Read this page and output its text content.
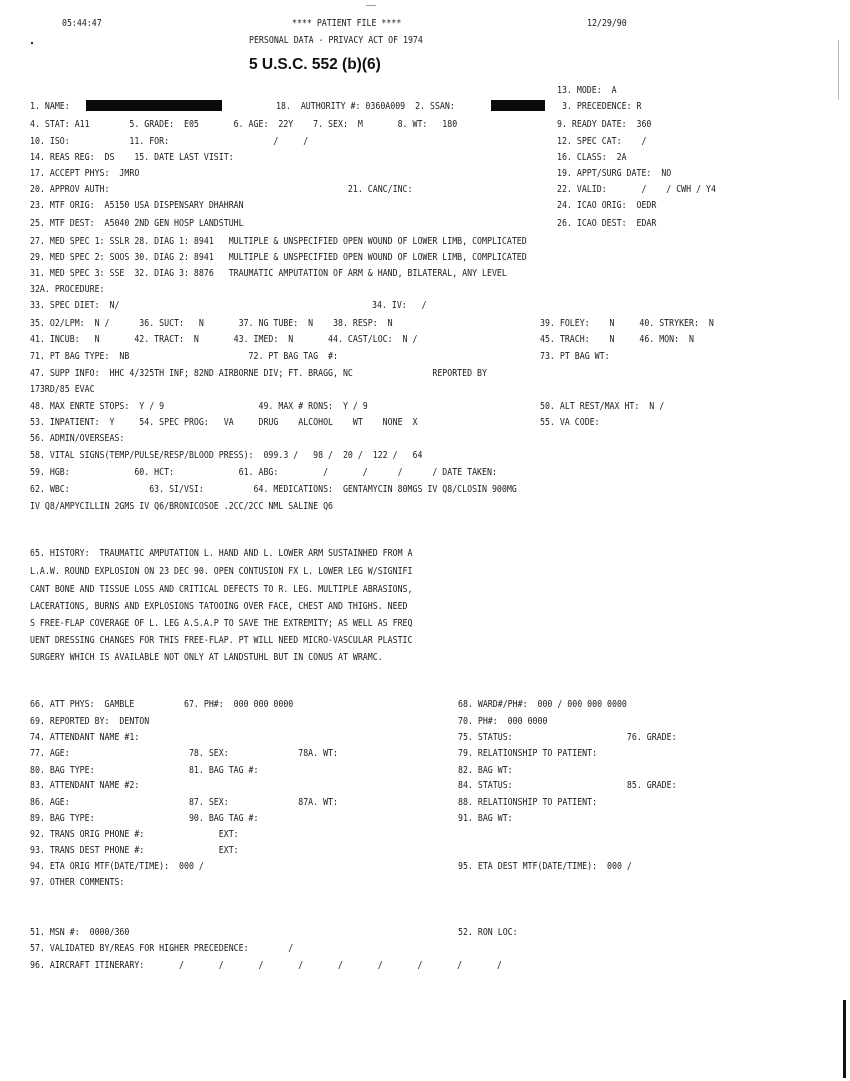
05:44:47	**** PATIENT FILE ****	12/29/90
PERSONAL DATA - PRIVACY ACT OF 1974
5 U.S.C. 552 (b)(6)
13. MODE:  A
1. NAME:	18.  AUTHORITY #: 0360A009  2. SSAN:	3. PRECEDENCE: R
4. STAT: A11        5. GRADE:  E05       6. AGE:  22Y    7. SEX:  M       8. WT:   180	9. READY DATE:  360
10. ISO:            11. FOR:                     /     /	12. SPEC CAT:    /
14. REAS REG:  DS    15. DATE LAST VISIT:	16. CLASS:  2A
17. ACCEPT PHYS:  JMRO	19. APPT/SURG DATE:  NO
20. APPROV AUTH:                                                21. CANC/INC:	22. VALID:       /    / CWH / Y4
23. MTF ORIG:  A5150 USA DISPENSARY DHAHRAN	24. ICAO ORIG:  OEDR
25. MTF DEST:  A5040 2ND GEN HOSP LANDSTUHL	26. ICAO DEST:  EDAR
27. MED SPEC 1: SSLR 28. DIAG 1: 8941   MULTIPLE & UNSPECIFIED OPEN WOUND OF LOWER LIMB, COMPLICATED
29. MED SPEC 2: SOOS 30. DIAG 2: 8941   MULTIPLE & UNSPECIFIED OPEN WOUND OF LOWER LIMB, COMPLICATED
31. MED SPEC 3: SSE  32. DIAG 3: 8876   TRAUMATIC AMPUTATION OF ARM & HAND, BILATERAL, ANY LEVEL
32A. PROCEDURE:
33. SPEC DIET:  N/	34. IV:   /
35. O2/LPM:  N /      36. SUCT:   N       37. NG TUBE:  N    38. RESP:  N	39. FOLEY:    N     40. STRYKER:  N
41. INCUB:   N       42. TRACT:  N       43. IMED:  N       44. CAST/LOC:  N /	45. TRACH:    N     46. MON:  N
71. PT BAG TYPE:  NB                        72. PT BAG TAG  #:	73. PT BAG WT:
47. SUPP INFO:  HHC 4/325TH INF; 82ND AIRBORNE DIV; FT. BRAGG, NC                REPORTED BY
173RD/85 EVAC
48. MAX ENRTE STOPS:  Y / 9                   49. MAX # RONS:  Y / 9	50. ALT REST/MAX HT:  N /
53. INPATIENT:  Y     54. SPEC PROG:   VA     DRUG    ALCOHOL    WT    NONE  X	55. VA CODE:
56. ADMIN/OVERSEAS:
58. VITAL SIGNS(TEMP/PULSE/RESP/BLOOD PRESS):  099.3 /   98 /  20 /  122 /   64
59. HGB:             60. HCT:             61. ABG:         /       /      /      / DATE TAKEN:
62. WBC:                63. SI/VSI:          64. MEDICATIONS:  GENTAMYCIN 80MGS IV Q8/CLOSIN 900MG
IV Q8/AMPYCILLIN 2GMS IV Q6/BRONICOSOE .2CC/2CC NML SALINE Q6
65. HISTORY:  TRAUMATIC AMPUTATION L. HAND AND L. LOWER ARM SUSTAINHED FROM A
L.A.W. ROUND EXPLOSION ON 23 DEC 90. OPEN CONTUSION FX L. LOWER LEG W/SIGNIFI
CANT BONE AND TISSUE LOSS AND CRITICAL DEFECTS TO R. LEG. MULTIPLE ABRASIONS,
LACERATIONS, BURNS AND EXPLOSIONS TATOOING OVER FACE, CHEST AND THIGHS. NEED
S FREE-FLAP COVERAGE OF L. LEG A.S.A.P TO SAVE THE EXTREMITY; AS WELL AS FREQ
UENT DRESSING CHANGES FOR THIS FREE-FLAP. PT WILL NEED MICRO-VASCULAR PLASTIC
SURGERY WHICH IS AVAILABLE NOT ONLY AT LANDSTUHL BUT IN CONUS AT WRAMC.
66. ATT PHYS:  GAMBLE          67. PH#:  000 000 0000	68. WARD#/PH#:  000 / 000 000 0000
69. REPORTED BY:  DENTON	70. PH#:  000 0000
74. ATTENDANT NAME #1:	75. STATUS:                       76. GRADE:
77. AGE:                        78. SEX:              78A. WT:	79. RELATIONSHIP TO PATIENT:
80. BAG TYPE:                   81. BAG TAG #:	82. BAG WT:
83. ATTENDANT NAME #2:	84. STATUS:                       85. GRADE:
86. AGE:                        87. SEX:              87A. WT:	88. RELATIONSHIP TO PATIENT:
89. BAG TYPE:                   90. BAG TAG #:	91. BAG WT:
92. TRANS ORIG PHONE #:               EXT:
93. TRANS DEST PHONE #:               EXT:
94. ETA ORIG MTF(DATE/TIME):  000 /	95. ETA DEST MTF(DATE/TIME):  000 /
97. OTHER COMMENTS:
51. MSN #:  0000/360	52. RON LOC:
57. VALIDATED BY/REAS FOR HIGHER PRECEDENCE:        /
96. AIRCRAFT ITINERARY:       /       /       /       /       /       /       /       /       /
